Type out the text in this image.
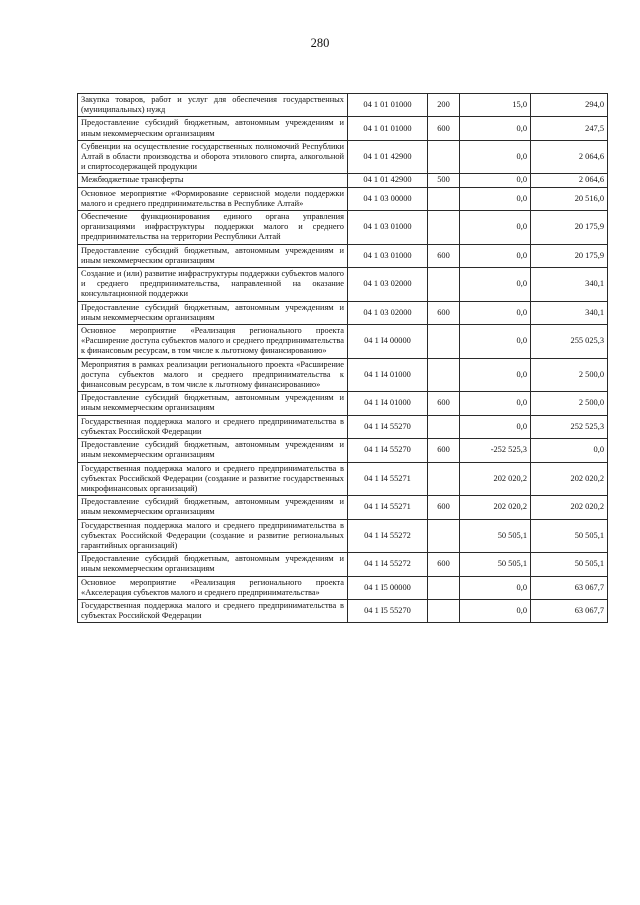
280
Закупка товаров, работ и услуг для обеспечения государственных (муниципальных) нужд	04 1 01 01000	200	15,0	294,0
Предоставление субсидий бюджетным, автономным учреждениям и иным некоммерческим организациям	04 1 01 01000	600	0,0	247,5
Субвенции на осуществление государственных полномочий Республики Алтай в области производства и оборота этилового спирта, алкогольной и спиртосодержащей продукции	04 1 01 42900		0,0	2 064,6
Межбюджетные трансферты	04 1 01 42900	500	0,0	2 064,6
Основное мероприятие «Формирование сервисной модели поддержки малого и среднего предпринимательства в Республике Алтай»	04 1 03 00000		0,0	20 516,0
Обеспечение функционирования единого органа управления организациями инфраструктуры поддержки малого и среднего предпринимательства на территории Республики Алтай	04 1 03 01000		0,0	20 175,9
Предоставление субсидий бюджетным, автономным учреждениям и иным некоммерческим организациям	04 1 03 01000	600	0,0	20 175,9
Создание и (или) развитие инфраструктуры поддержки субъектов малого и среднего предпринимательства, направленной на оказание консультационной поддержки	04 1 03 02000		0,0	340,1
Предоставление субсидий бюджетным, автономным учреждениям и иным некоммерческим организациям	04 1 03 02000	600	0,0	340,1
Основное мероприятие «Реализация регионального проекта «Расширение доступа субъектов малого и среднего предпринимательства к финансовым ресурсам, в том числе к льготному финансированию»	04 1 I4 00000		0,0	255 025,3
Мероприятия в рамках реализации регионального проекта «Расширение доступа субъектов малого и среднего предпринимательства к финансовым ресурсам, в том числе к льготному финансированию»	04 1 I4 01000		0,0	2 500,0
Предоставление субсидий бюджетным, автономным учреждениям и иным некоммерческим организациям	04 1 I4 01000	600	0,0	2 500,0
Государственная поддержка малого и среднего предпринимательства в субъектах Российской Федерации	04 1 I4 55270		0,0	252 525,3
Предоставление субсидий бюджетным, автономным учреждениям и иным некоммерческим организациям	04 1 I4 55270	600	-252 525,3	0,0
Государственная поддержка малого и среднего предпринимательства в субъектах Российской Федерации (создание и развитие государственных микрофинансовых организаций)	04 1 I4 55271		202 020,2	202 020,2
Предоставление субсидий бюджетным, автономным учреждениям и иным некоммерческим организациям	04 1 I4 55271	600	202 020,2	202 020,2
Государственная поддержка малого и среднего предпринимательства в субъектах Российской Федерации (создание и развитие региональных гарантийных организаций)	04 1 I4 55272		50 505,1	50 505,1
Предоставление субсидий бюджетным, автономным учреждениям и иным некоммерческим организациям	04 1 I4 55272	600	50 505,1	50 505,1
Основное мероприятие «Реализация регионального проекта «Акселерация субъектов малого и среднего предпринимательства»	04 1 I5 00000		0,0	63 067,7
Государственная поддержка малого и среднего предпринимательства в субъектах Российской Федерации	04 1 I5 55270		0,0	63 067,7
